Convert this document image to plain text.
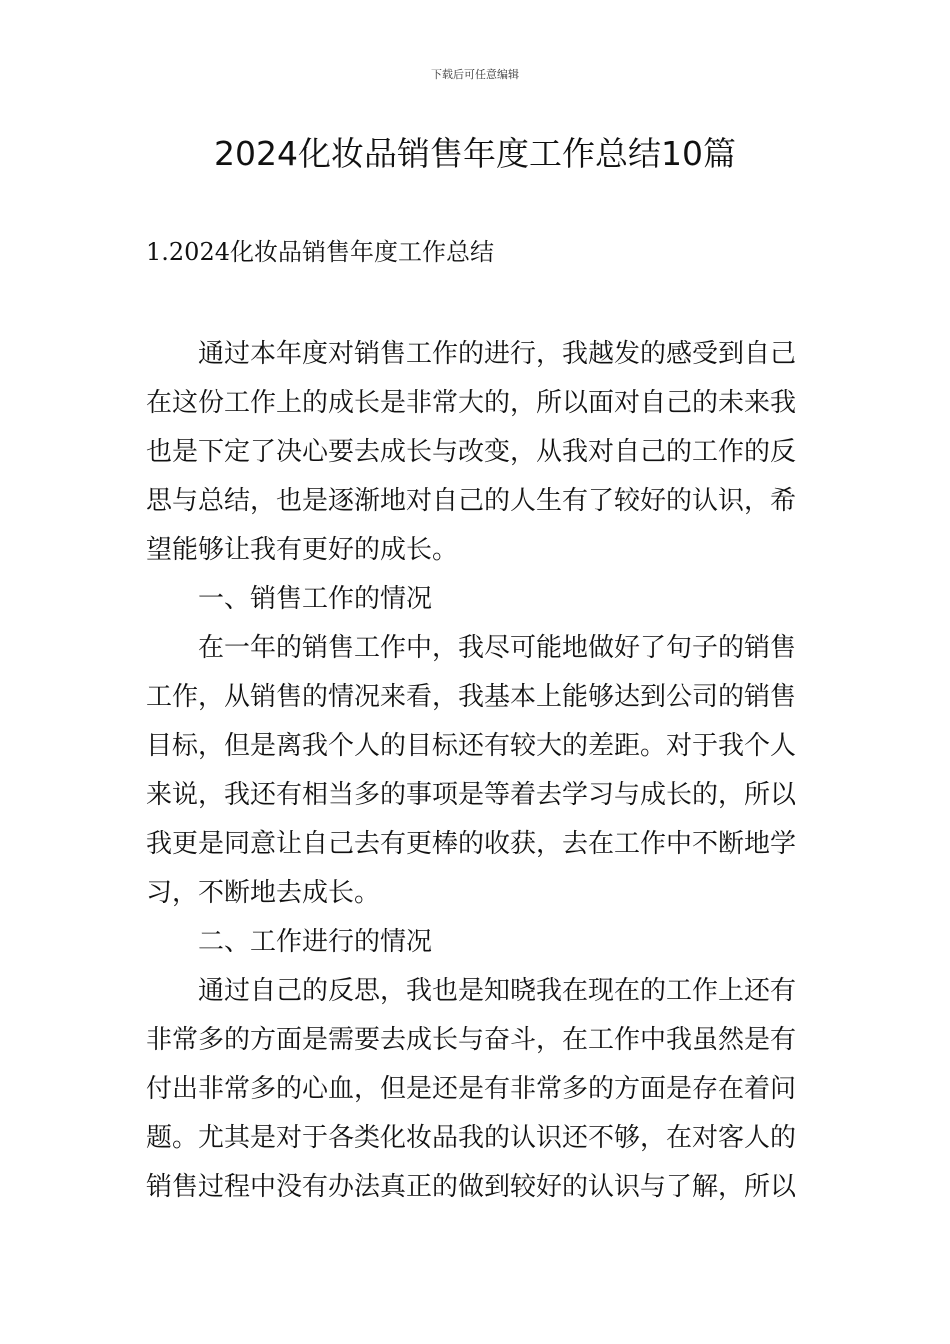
下载后可任意编辑
2024化妆品销售年度工作总结10篇
1.2024化妆品销售年度工作总结

通过本年度对销售工作的进行，我越发的感受到自己在这份工作上的成长是非常大的，所以面对自己的未来我也是下定了决心要去成长与改变，从我对自己的工作的反思与总结，也是逐渐地对自己的人生有了较好的认识，希望能够让我有更好的成长。

一、销售工作的情况

在一年的销售工作中，我尽可能地做好了句子的销售工作，从销售的情况来看，我基本上能够达到公司的销售目标，但是离我个人的目标还有较大的差距。对于我个人来说，我还有相当多的事项是等着去学习与成长的，所以我更是同意让自己去有更棒的收获，去在工作中不断地学习，不断地去成长。

二、工作进行的情况

通过自己的反思，我也是知晓我在现在的工作上还有非常多的方面是需要去成长与奋斗，在工作中我虽然是有付出非常多的心血，但是还是有非常多的方面是存在着问题。尤其是对于各类化妆品我的认识还不够，在对客人的销售过程中没有办法真正的做到较好的认识与了解，所以
